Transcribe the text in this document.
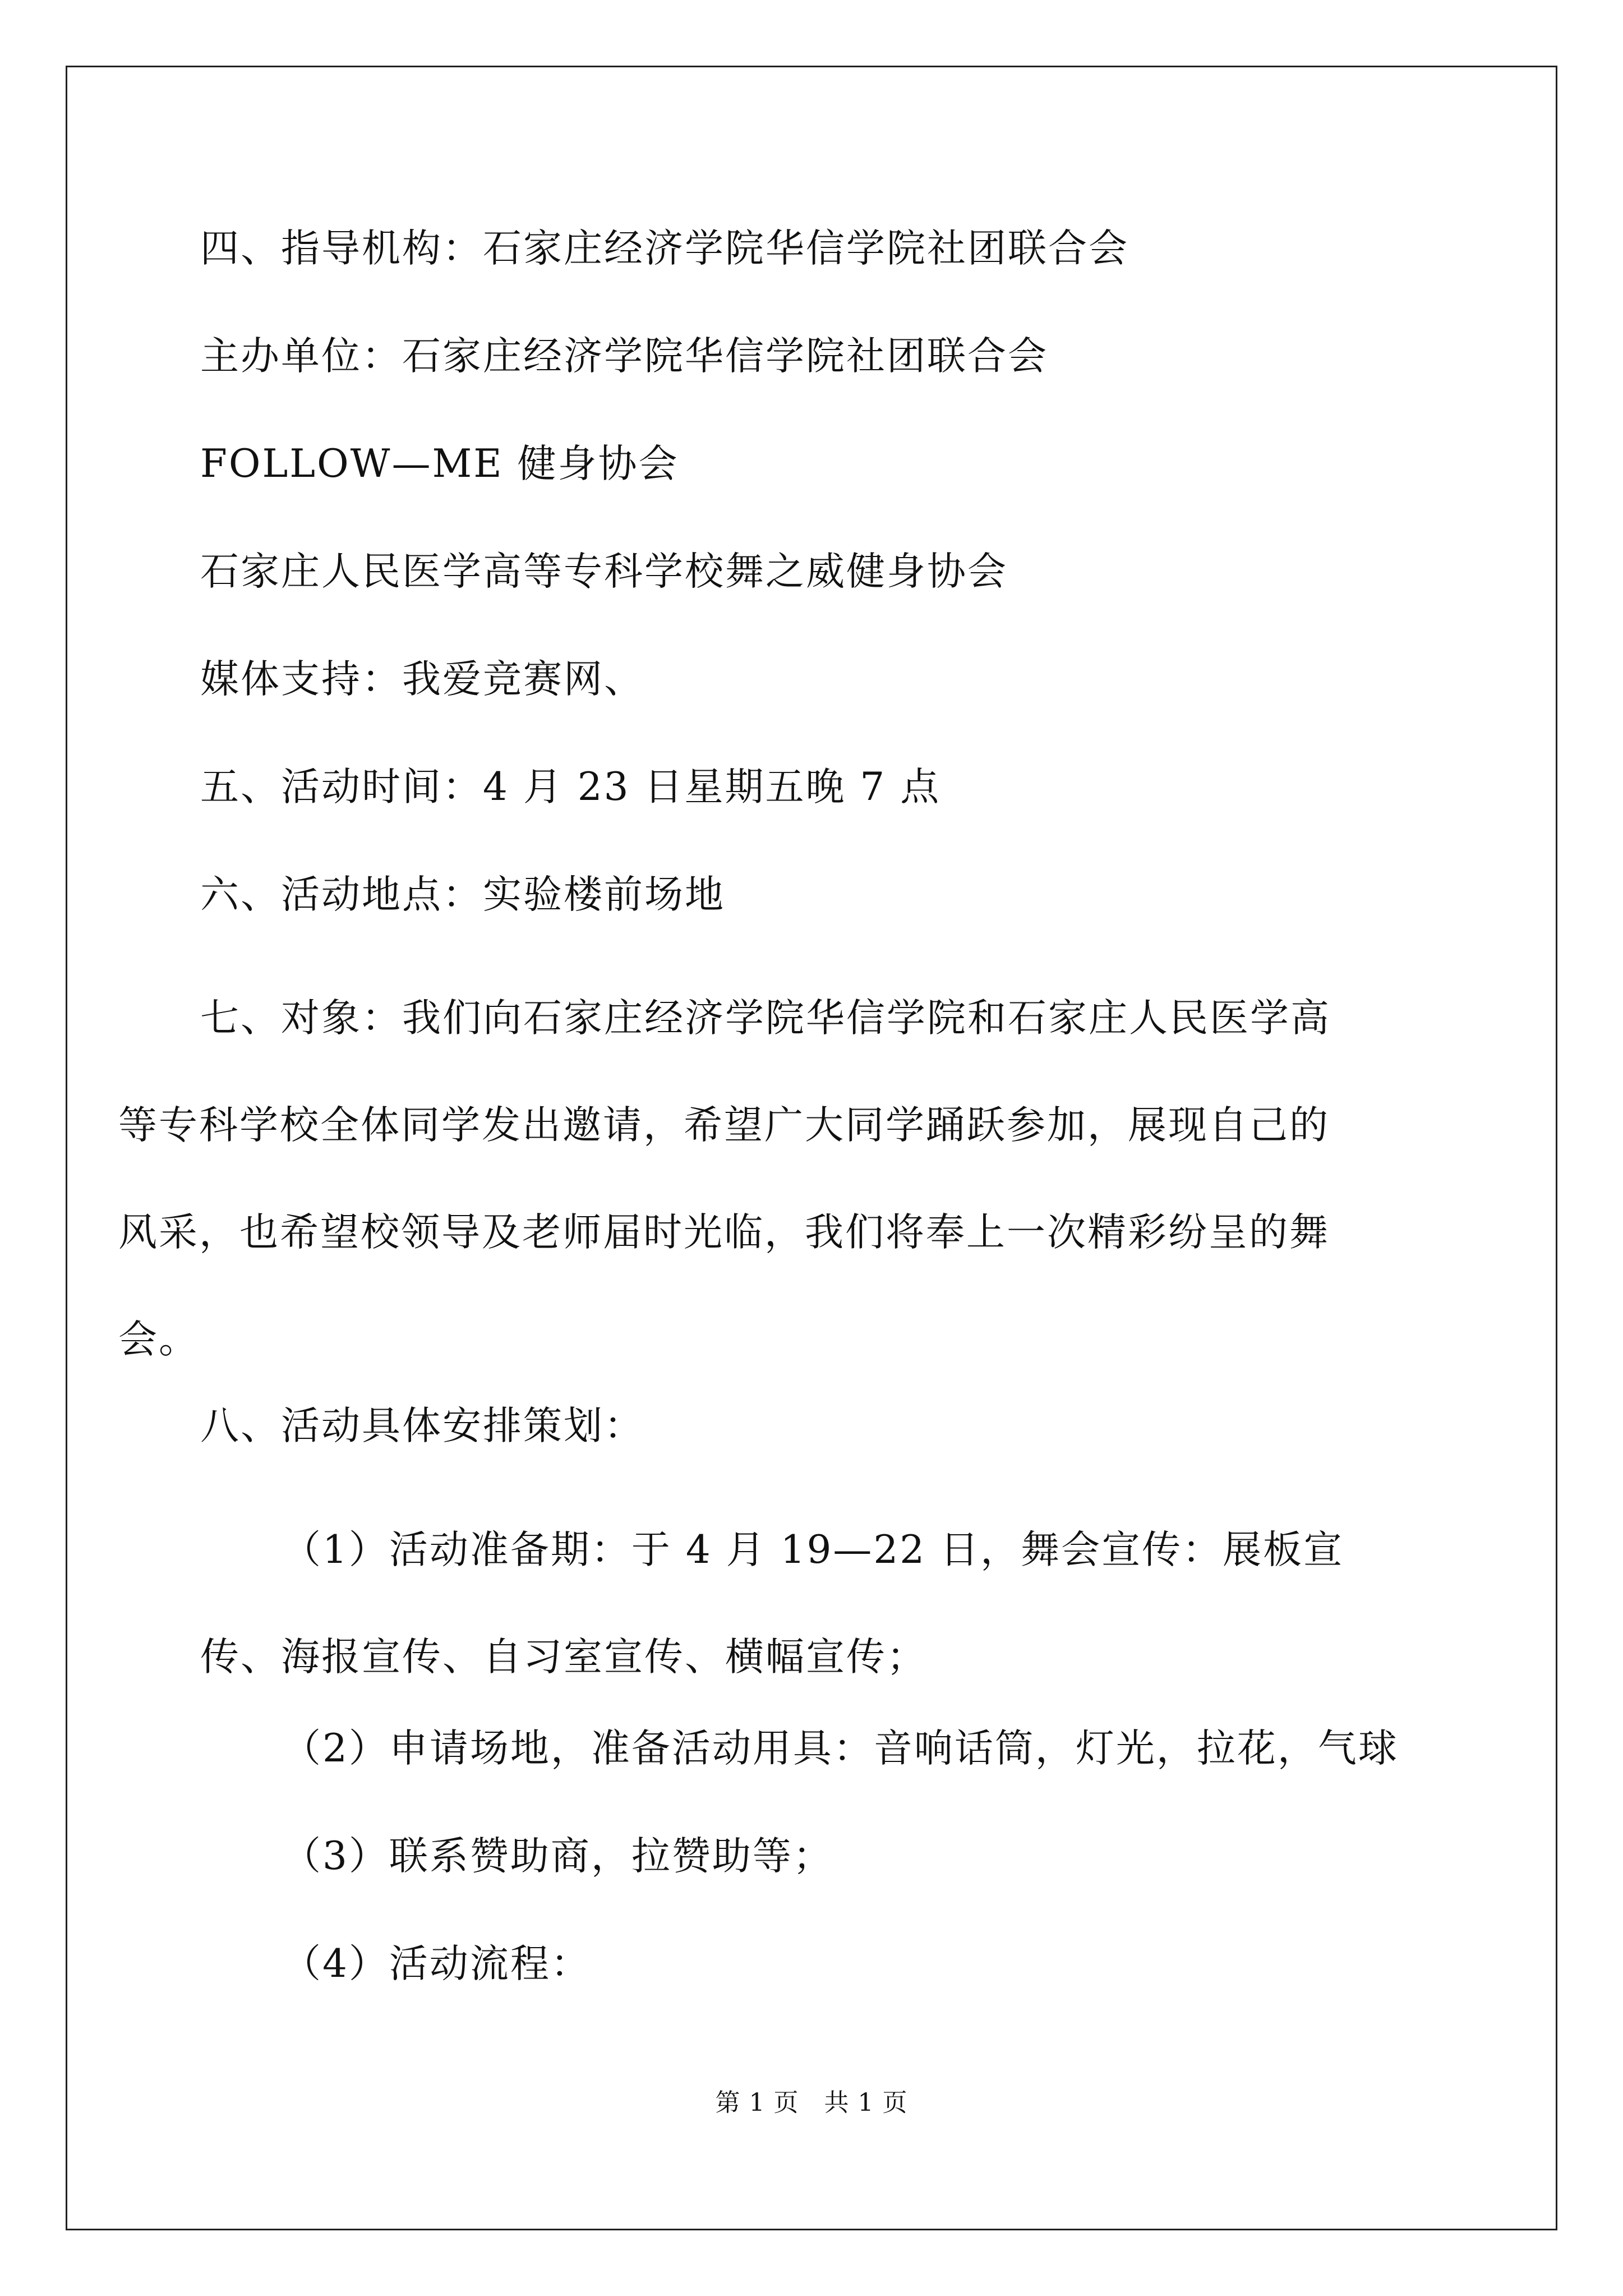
四、指导机构：石家庄经济学院华信学院社团联合会
主办单位：石家庄经济学院华信学院社团联合会
FOLLOW—ME 健身协会
石家庄人民医学高等专科学校舞之威健身协会
媒体支持：我爱竞赛网、
五、活动时间：4 月 23 日星期五晚 7 点
六、活动地点：实验楼前场地
七、对象：我们向石家庄经济学院华信学院和石家庄人民医学高等专科学校全体同学发出邀请，希望广大同学踊跃参加，展现自己的风采，也希望校领导及老师届时光临，我们将奉上一次精彩纷呈的舞会。
八、活动具体安排策划：
（1）活动准备期：于 4 月 19—22 日，舞会宣传：展板宣传、海报宣传、自习室宣传、横幅宣传；
（2）申请场地，准备活动用具：音响话筒，灯光，拉花，气球
（3）联系赞助商，拉赞助等；
（4）活动流程：
第 1 页　共 1 页
